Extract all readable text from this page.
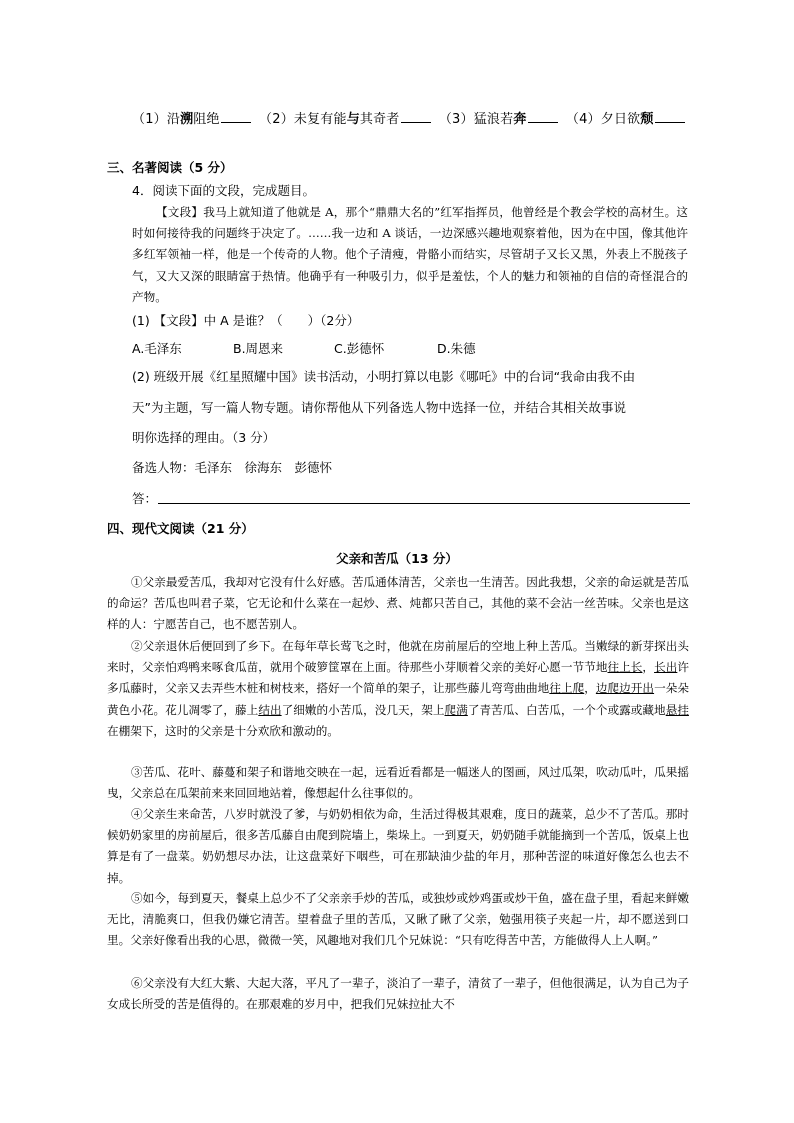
（1）沿溯阻绝	（2）未复有能与其奇者	（3）猛浪若奔	（4）夕日欲颓
三、名著阅读（5 分）
4．阅读下面的文段，完成题目。
【文段】我马上就知道了他就是 A，那个“鼎鼎大名的”红军指挥员，他曾经是个教会学校的高材生。这时如何接待我的问题终于决定了。……我一边和 A 谈话，一边深感兴趣地观察着他，因为在中国，像其他许多红军领袖一样，他是一个传奇的人物。他个子清瘦，骨骼小而结实，尽管胡子又长又黑，外表上不脱孩子气，又大又深的眼睛富于热情。他确乎有一种吸引力，似乎是羞怯，个人的魅力和领袖的自信的奇怪混合的产物。
(1) 【文段】中 A 是谁？（　　）（2分）
A.毛泽东	B.周恩来	C.彭德怀	D.朱德
(2) 班级开展《红星照耀中国》读书活动，小明打算以电影《哪吒》中的台词“我命由我不由
天”为主题，写一篇人物专题。请你帮他从下列备选人物中选择一位，并结合其相关故事说
明你选择的理由。（3 分）
备选人物：毛泽东　徐海东　彭德怀
答：
四、现代文阅读（21 分）
父亲和苦瓜（13 分）
①父亲最爱苦瓜，我却对它没有什么好感。苦瓜通体清苦，父亲也一生清苦。因此我想，父亲的命运就是苦瓜的命运？苦瓜也叫君子菜，它无论和什么菜在一起炒、煮、炖都只苦自己，其他的菜不会沾一丝苦味。父亲也是这样的人：宁愿苦自己，也不愿苦别人。
②父亲退休后便回到了乡下。在每年草长莺飞之时，他就在房前屋后的空地上种上苦瓜。当嫩绿的新芽探出头来时，父亲怕鸡鸭来啄食瓜苗，就用个破箩筐罩在上面。待那些小芽顺着父亲的美好心愿一节节地往上长，长出许多瓜藤时，父亲又去弄些木桩和树枝来，搭好一个简单的架子，让那些藤儿弯弯曲曲地往上爬，边爬边开出一朵朵黄色小花。花儿凋零了，藤上结出了细嫩的小苦瓜，没几天，架上爬满了青苦瓜、白苦瓜，一个个或露或藏地悬挂在棚架下，这时的父亲是十分欢欣和激动的。
③苦瓜、花叶、藤蔓和架子和谐地交映在一起，远看近看都是一幅迷人的图画，风过瓜架，吹动瓜叶，瓜果摇曳，父亲总在瓜架前来来回回地站着，像想起什么往事似的。
④父亲生来命苦，八岁时就没了爹，与奶奶相依为命，生活过得极其艰难，度日的蔬菜，总少不了苦瓜。那时候奶奶家里的房前屋后，很多苦瓜藤自由爬到院墙上，柴垛上。一到夏天，奶奶随手就能摘到一个苦瓜，饭桌上也算是有了一盘菜。奶奶想尽办法，让这盘菜好下咽些，可在那缺油少盐的年月，那种苦涩的味道好像怎么也去不掉。
⑤如今，每到夏天，餐桌上总少不了父亲亲手炒的苦瓜，或独炒或炒鸡蛋或炒干鱼，盛在盘子里，看起来鲜嫩无比，清脆爽口，但我仍嫌它清苦。望着盘子里的苦瓜，又瞅了瞅了父亲，勉强用筷子夹起一片，却不愿送到口里。父亲好像看出我的心思，微微一笑，风趣地对我们几个兄妹说：“只有吃得苦中苦，方能做得人上人啊。”
⑥父亲没有大红大紫、大起大落，平凡了一辈子，淡泊了一辈子，清贫了一辈子，但他很满足，认为自己为子女成长所受的苦是值得的。在那艰难的岁月中，把我们兄妹拉扯大不
